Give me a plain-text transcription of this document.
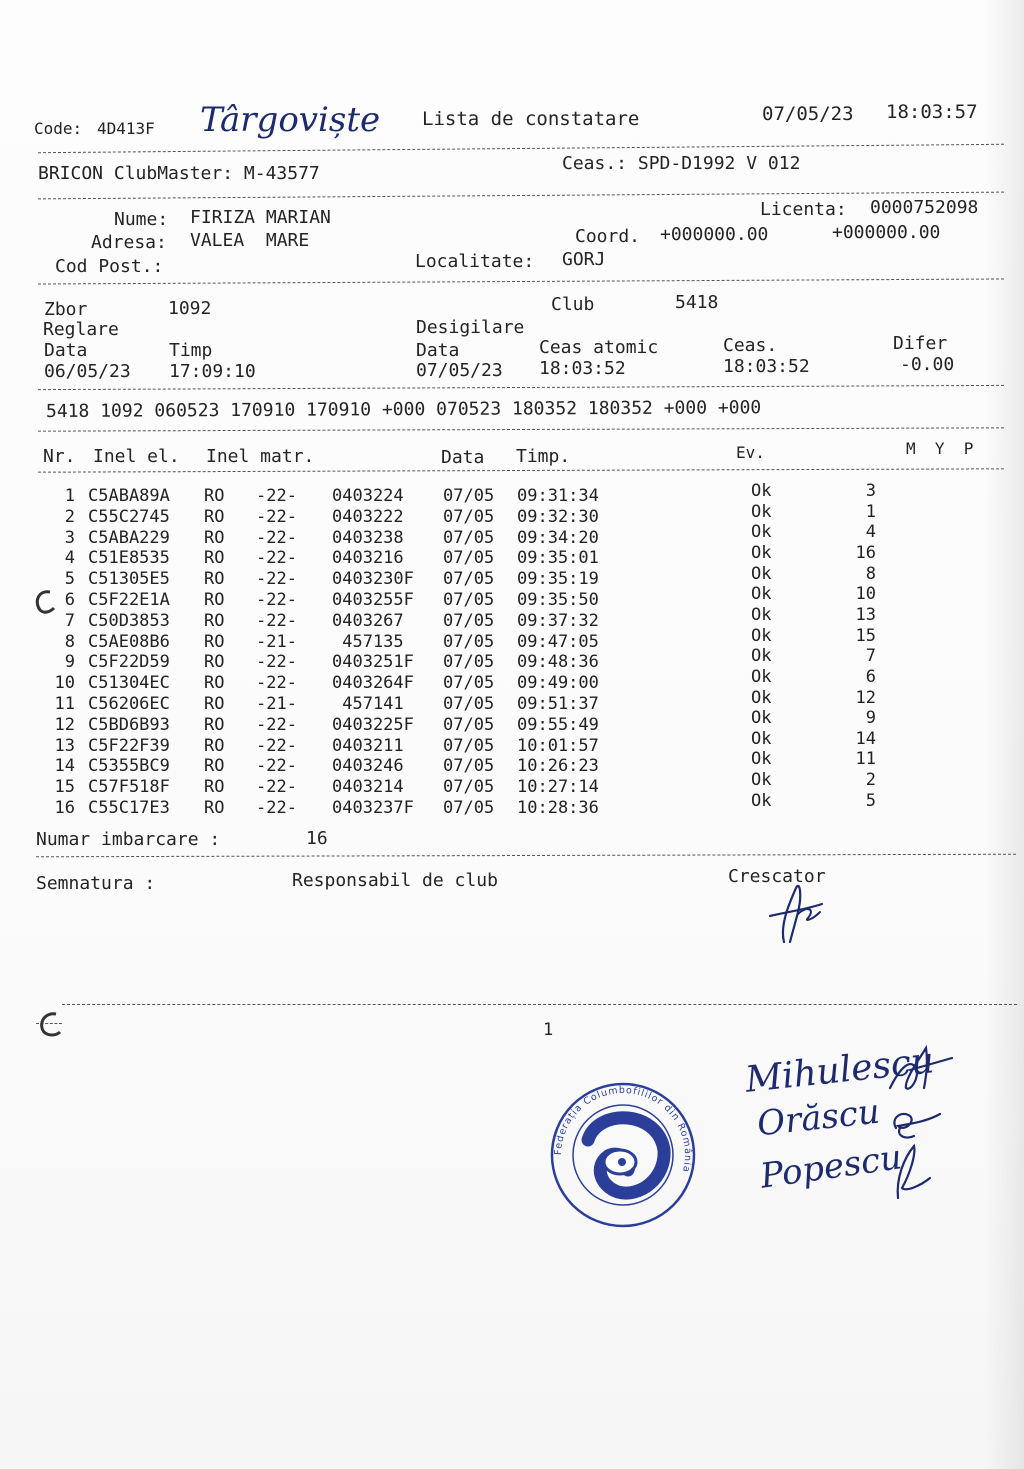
Code: 4D413F Târgoviște Lista de constatare	07/05/23 18:03:57
BRICON ClubMaster: M-43577	Ceas.: SPD-D1992 V 012
Nume: FIRIZA MARIAN	Licenta: 0000752098
Adresa: VALEA  MARE	Coord. +000000.00	+000000.00
Cod Post.:	Localitate: GORJ
Zbor	1092	Club	5418
Reglare	Desigilare
Data	Timp	Data	Ceas atomic	Ceas.	Difer
06/05/23 17:09:10	07/05/23 18:03:52	18:03:52	-0.00
5418 1092 060523 170910 170910 +000 070523 180352 180352 +000 +000
Nr. Inel el. Inel matr.	Data Timp.	Ev.	M  Y  P
1 C5ABA89A RO -22- 0403224 07/05 09:31:34	Ok	3
2 C55C2745 RO -22- 0403222 07/05 09:32:30	Ok	1
3 C5ABA229 RO -22- 0403238 07/05 09:34:20	Ok	4
4 C51E8535 RO -22- 0403216 07/05 09:35:01	Ok	16
5 C51305E5 RO -22- 0403230F 07/05 09:35:19	Ok	8
6 C5F22E1A RO -22- 0403255F 07/05 09:35:50	Ok	10
7 C50D3853 RO -22- 0403267 07/05 09:37:32	Ok	13
8 C5AE08B6 RO -21- 457135 07/05 09:47:05	Ok	15
9 C5F22D59 RO -22- 0403251F 07/05 09:48:36	Ok	7
10 C51304EC RO -22- 0403264F 07/05 09:49:00	Ok	6
11 C56206EC RO -21- 457141 07/05 09:51:37	Ok	12
12 C5BD6B93 RO -22- 0403225F 07/05 09:55:49	Ok	9
13 C5F22F39 RO -22- 0403211 07/05 10:01:57	Ok	14
14 C5355BC9 RO -22- 0403246 07/05 10:26:23	Ok	11
15 C57F518F RO -22- 0403214 07/05 10:27:14	Ok	2
16 C55C17E3 RO -22- 0403237F 07/05 10:28:36	Ok	5
Numar imbarcare :	16
Semnatura :	Responsabil de club	Crescator
1
Mihulescu
Orăscu
Popescu
Federația Columbofililor din România
